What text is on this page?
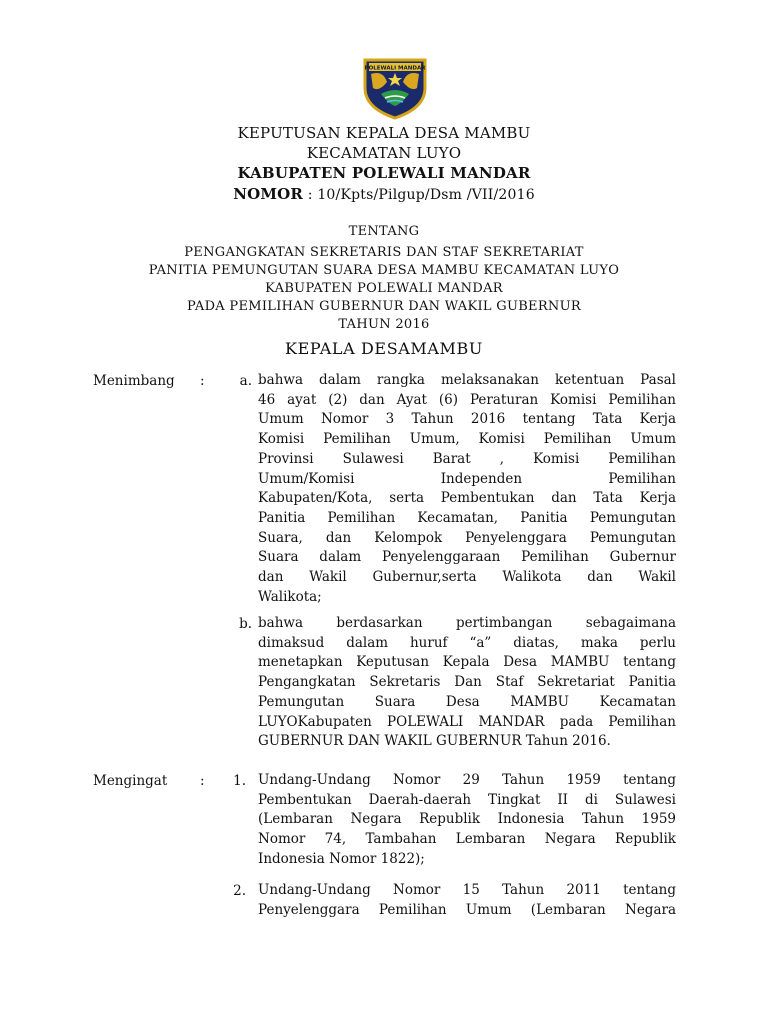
POLEWALI MANDAR
KEPUTUSAN KEPALA DESA MAMBU
KECAMATAN LUYO
KABUPATEN POLEWALI MANDAR
NOMOR : 10/Kpts/Pilgup/Dsm /VII/2016
TENTANG
PENGANGKATAN SEKRETARIS DAN STAF SEKRETARIAT
PANITIA PEMUNGUTAN SUARA DESA MAMBU KECAMATAN LUYO
KABUPATEN POLEWALI MANDAR
PADA PEMILIHAN GUBERNUR DAN WAKIL GUBERNUR
TAHUN 2016
KEPALA DESAMAMBU
Menimbang :	a. bahwa dalam rangka melaksanakan ketentuan Pasal
46 ayat (2) dan Ayat (6) Peraturan Komisi Pemilihan
Umum Nomor 3 Tahun 2016 tentang Tata Kerja
Komisi Pemilihan Umum, Komisi Pemilihan Umum
Provinsi Sulawesi Barat , Komisi Pemilihan
Umum/Komisi Independen Pemilihan
Kabupaten/Kota, serta Pembentukan dan Tata Kerja
Panitia Pemilihan Kecamatan, Panitia Pemungutan
Suara, dan Kelompok Penyelenggara Pemungutan
Suara dalam Penyelenggaraan Pemilihan Gubernur
dan Wakil Gubernur,serta Walikota dan Wakil
Walikota;
b. bahwa berdasarkan pertimbangan sebagaimana
dimaksud dalam huruf “a” diatas, maka perlu
menetapkan Keputusan Kepala Desa MAMBU tentang
Pengangkatan Sekretaris Dan Staf Sekretariat Panitia
Pemungutan Suara Desa MAMBU Kecamatan
LUYOKabupaten POLEWALI MANDAR pada Pemilihan
GUBERNUR DAN WAKIL GUBERNUR Tahun 2016.
Mengingat :	1. Undang-Undang Nomor 29 Tahun 1959 tentang
Pembentukan Daerah-daerah Tingkat II di Sulawesi
(Lembaran Negara Republik Indonesia Tahun 1959
Nomor 74, Tambahan Lembaran Negara Republik
Indonesia Nomor 1822);
2. Undang-Undang Nomor 15 Tahun 2011 tentang
Penyelenggara Pemilihan Umum (Lembaran Negara
